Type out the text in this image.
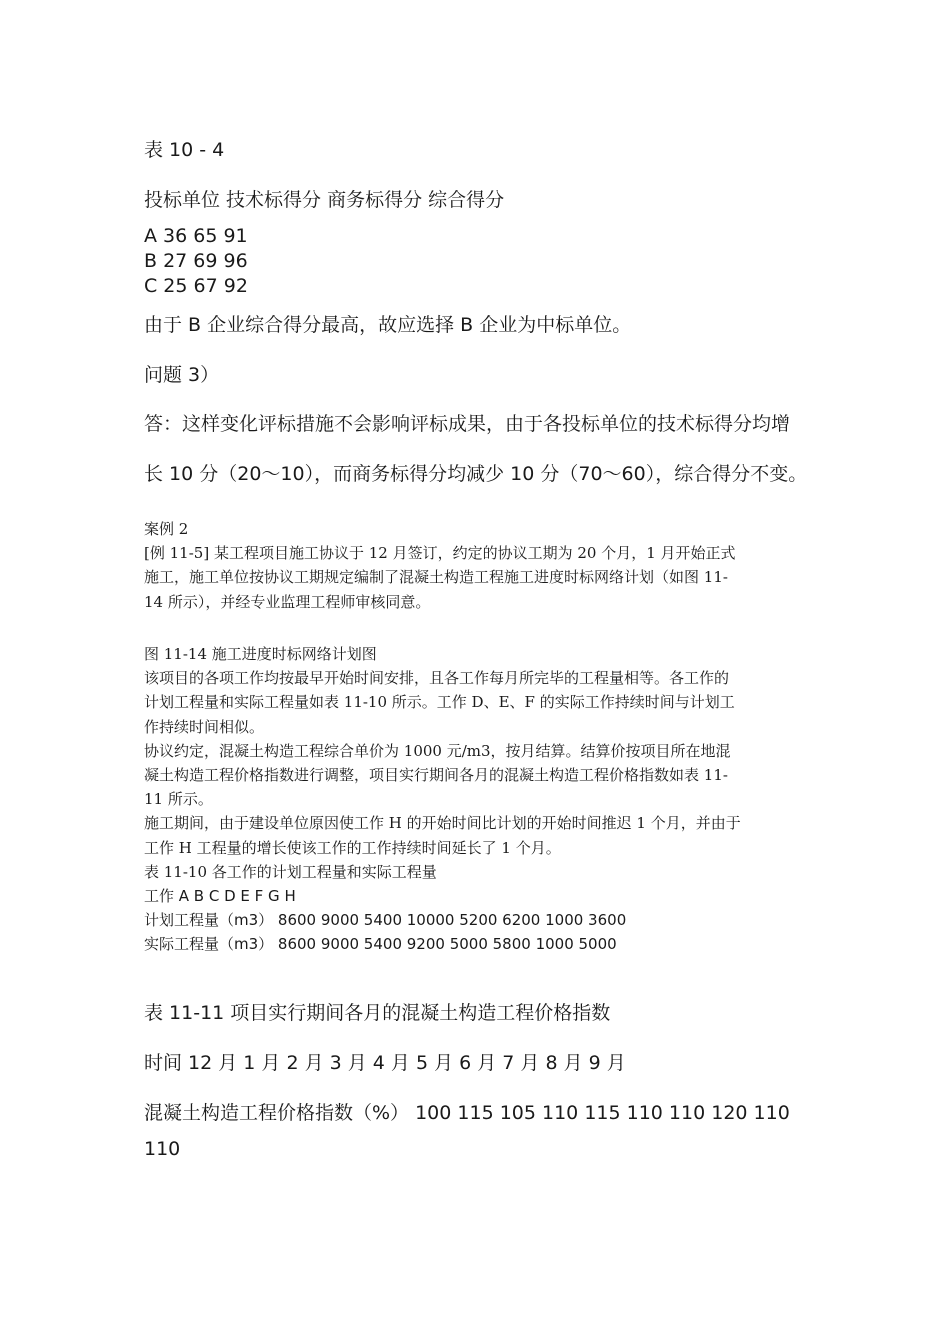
表 10 - 4
投标单位 技术标得分 商务标得分 综合得分
A 36 65 91
B 27 69 96
C 25 67 92
由于 B 企业综合得分最高，故应选择 B 企业为中标单位。
问题 3）
答：这样变化评标措施不会影响评标成果，由于各投标单位的技术标得分均增
长 10 分（20～10），而商务标得分均减少 10 分（70～60），综合得分不变。
案例 2
[例 11-5] 某工程项目施工协议于 12 月签订，约定的协议工期为 20 个月，1 月开始正式
施工，施工单位按协议工期规定编制了混凝土构造工程施工进度时标网络计划（如图 11-
14 所示），并经专业监理工程师审核同意。
图 11-14 施工进度时标网络计划图
该项目的各项工作均按最早开始时间安排，且各工作每月所完毕的工程量相等。各工作的
计划工程量和实际工程量如表 11-10 所示。工作 D、E、F 的实际工作持续时间与计划工
作持续时间相似。
协议约定，混凝土构造工程综合单价为 1000 元/m3，按月结算。结算价按项目所在地混
凝土构造工程价格指数进行调整，项目实行期间各月的混凝土构造工程价格指数如表 11-
11 所示。
施工期间，由于建设单位原因使工作 H 的开始时间比计划的开始时间推迟 1 个月，并由于
工作 H 工程量的增长使该工作的工作持续时间延长了 1 个月。
表 11-10 各工作的计划工程量和实际工程量
工作 A B C D E F G H
计划工程量（m3） 8600 9000 5400 10000 5200 6200 1000 3600
实际工程量（m3） 8600 9000 5400 9200 5000 5800 1000 5000
表 11-11 项目实行期间各月的混凝土构造工程价格指数
时间 12 月 1 月 2 月 3 月 4 月 5 月 6 月 7 月 8 月 9 月
混凝土构造工程价格指数（%） 100 115 105 110 115 110 110 120 110
110
